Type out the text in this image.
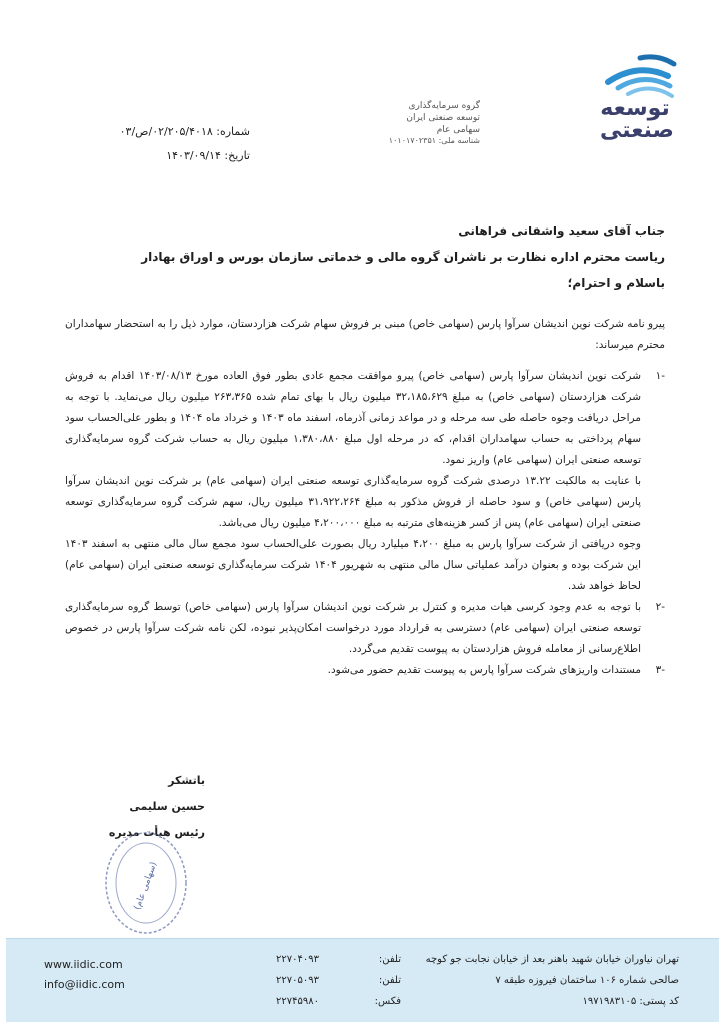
توسعه صنعتی
گروه سرمایه‌گذاری
توسعه صنعتی ایران
سهامی عام
شناسه ملی: ۱۰۱۰۱۷۰۲۳۵۱
شماره: ۰۲/۲۰۵/۴۰۱۸/ص/۰۳
تاریخ: ۱۴۰۳/۰۹/۱۴
جناب آقای سعید واشقانی فراهانی
ریاست محترم اداره نظارت بر ناشران گروه مالی و خدماتی سازمان بورس و اوراق بهادار
باسلام و احترام؛

پیرو نامه شرکت نوین اندیشان سرآوا پارس (سهامی خاص) مبنی بر فروش سهام شرکت هزاردستان، موارد ذیل را به استحضار سهامداران محترم میرساند:

-۱
شرکت نوین اندیشان سرآوا پارس (سهامی خاص) پیرو موافقت مجمع عادی بطور فوق العاده مورخ ۱۴۰۳/۰۸/۱۳ اقدام به فروش شرکت هزاردستان (سهامی خاص) به مبلغ ۳۲،۱۸۵،۶۲۹ میلیون ریال با بهای تمام شده ۲۶۳،۳۶۵ میلیون ریال می‌نماید. با توجه به مراحل دریافت وجوه حاصله طی سه مرحله و در مواعد زمانی آذرماه، اسفند ماه ۱۴۰۳ و خرداد ماه ۱۴۰۴ و بطور علی‌الحساب سود سهام پرداختی به حساب سهامداران اقدام، که در مرحله اول مبلغ ۱،۳۸۰،۸۸۰ میلیون ریال به حساب شرکت گروه سرمایه‌گذاری توسعه صنعتی ایران (سهامی عام) واریز نمود.
با عنایت به مالکیت ۱۳.۲۲ درصدی شرکت گروه سرمایه‌گذاری توسعه صنعتی ایران (سهامی عام) بر شرکت نوین اندیشان سرآوا پارس (سهامی خاص) و سود حاصله از فروش مذکور به مبلغ ۳۱،۹۲۲،۲۶۴ میلیون ریال، سهم شرکت گروه سرمایه‌گذاری توسعه صنعتی ایران (سهامی عام) پس از کسر هزینه‌های مترتبه به مبلغ ۴،۲۰۰،۰۰۰ میلیون ریال می‌باشد.
وجوه دریافتی از شرکت سرآوا پارس به مبلغ ۴،۲۰۰ میلیارد ریال بصورت علی‌الحساب سود مجمع سال مالی منتهی به اسفند ۱۴۰۳ این شرکت بوده و بعنوان درآمد عملیاتی سال مالی منتهی به شهریور ۱۴۰۴ شرکت سرمایه‌گذاری توسعه صنعتی ایران (سهامی عام) لحاظ خواهد شد.
-۲
با توجه به عدم وجود کرسی هیات مدیره و کنترل بر شرکت نوین اندیشان سرآوا پارس (سهامی خاص) توسط گروه سرمایه‌گذاری توسعه صنعتی ایران (سهامی عام) دسترسی به قرارداد مورد درخواست امکان‌پذیر نبوده، لکن نامه شرکت سرآوا پارس در خصوص اطلاع‌رسانی از معامله فروش هزاردستان به پیوست تقدیم می‌گردد.
-۳
مستندات واریزهای شرکت سرآوا پارس به پیوست تقدیم حضور می‌شود.
باتشکر
حسین سلیمی
رئیس هیأت مدیره
(سهامی عام)
www.iidic.com
info@iidic.com
تلفن:
۲۲۷۰۴۰۹۳
تلفن:
۲۲۷۰۵۰۹۳
فکس:
۲۲۷۴۵۹۸۰
تهران نیاوران خیابان شهید باهنر بعد از خیابان نجابت جو کوچه
صالحی شماره ۱۰۶ ساختمان فیروزه طبقه ۷
کد پستی: ۱۹۷۱۹۸۳۱۰۵
